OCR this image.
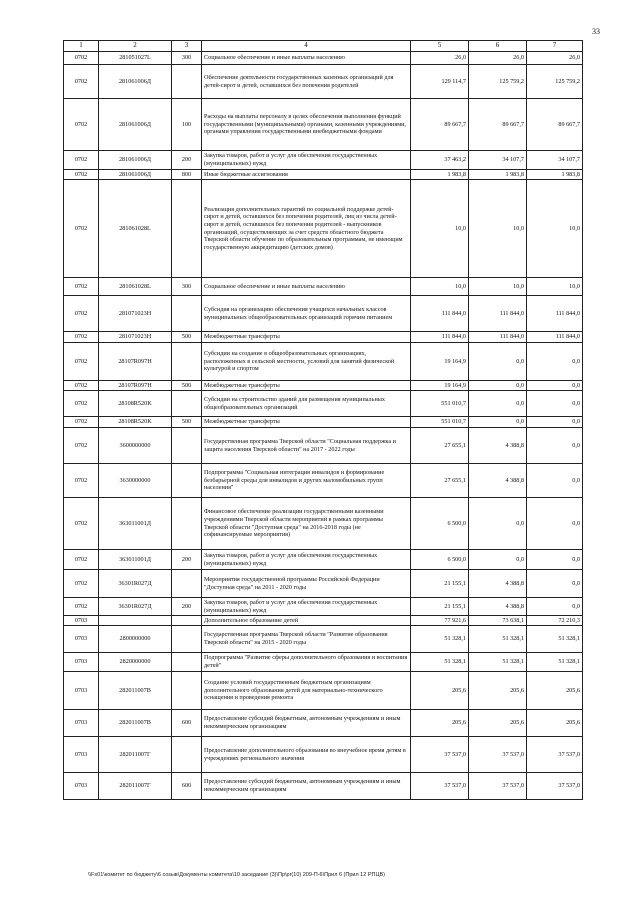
33
1	2	3	4	5	6	7
0702	281051027L	300	Социальное обеспечение и иные выплаты населению	26,0	26,0	26,0
0702	281061006Д		Обеспечение деятельности государственных казенных организаций для детей-сирот и детей, оставшихся без попечения родителей	129 114,7	125 759,2	125 759,2
0702	281061006Д	100	Расходы на выплаты персоналу в целях обеспечения выполнения функций государственными (муниципальными) органами, казенными учреждениями, органами управления государственными внебюджетными фондами	89 667,7	89 667,7	89 667,7
0702	281061006Д	200	Закупка товаров, работ и услуг для обеспечения государственных (муниципальных) нужд	37 463,2	34 107,7	34 107,7
0702	281061006Д	800	Иные бюджетные ассигнования	1 983,8	1 983,8	1 983,8
0702	281061028L		Реализация дополнительных гарантий по социальной поддержке детей-сирот и детей, оставшихся без попечения родителей, лиц из числа детей-сирот и детей, оставшихся без попечения родителей - выпускников организаций, осуществляющих за счет средств областного бюджета Тверской области обучение по образовательным программам, не имеющим государственную аккредитацию (детских домов)	10,0	10,0	10,0
0702	281061028L	300	Социальное обеспечение и иные выплаты населению	10,0	10,0	10,0
0702	281071023Н		Субсидия на организацию обеспечения учащихся начальных классов муниципальных общеобразовательных организаций горячим питанием	111 844,0	111 844,0	111 844,0
0702	281071023Н	500	Межбюджетные трансферты	111 844,0	111 844,0	111 844,0
0702	28107R097Н		Субсидии на создание в общеобразовательных организациях, расположенных в сельской местности, условий для занятий физической культурой и спортом	19 164,9	0,0	0,0
0702	28107R097Н	500	Межбюджетные трансферты	19 164,9	0,0	0,0
0702	28108R520K		Субсидии на строительство зданий для размещения муниципальных общеобразовательных организаций	551 010,7	0,0	0,0
0702	28108R520K	500	Межбюджетные трансферты	551 010,7	0,0	0,0
0702	3600000000		Государственная программа Тверской области "Социальная поддержка и защита населения Тверской области" на 2017 - 2022 годы	27 655,1	4 388,8	0,0
0702	3630000000		Подпрограмма "Социальная интеграция инвалидов и формирование безбарьерной среды для инвалидов и других маломобильных групп населения"	27 655,1	4 388,8	0,0
0702	363011001Д		Финансовое обеспечение реализации государственными казенными учреждениями Тверской области мероприятий в рамках программы Тверской области "Доступная среда" на 2016-2018 годы (не софинансируемые мероприятия)	6 500,0	0,0	0,0
0702	363011001Д	200	Закупка товаров, работ и услуг для обеспечения государственных (муниципальных) нужд	6 500,0	0,0	0,0
0702	36301R027Д		Мероприятия государственной программы Российской Федерации "Доступная среда" на 2011 - 2020 годы	21 155,1	4 388,8	0,0
0702	36301R027Д	200	Закупка товаров, работ и услуг для обеспечения государственных (муниципальных) нужд	21 155,1	4 388,8	0,0
0703			Дополнительное образование детей	77 921,6	73 638,1	72 210,3
0703	2800000000		Государственная программа Тверской области "Развитие образования Тверской области" на 2015 - 2020 годы	51 328,1	51 328,1	51 328,1
0703	2820000000		Подпрограмма "Развитие сферы дополнительного образования и воспитания детей"	51 328,1	51 328,1	51 328,1
0703	282011007В		Создание условий государственным бюджетным организациям дополнительного образования детей для материально-технического оснащения и проведения ремонта	205,6	205,6	205,6
0703	282011007В	600	Предоставление субсидий бюджетным, автономным учреждениям и иным некоммерческим организациям	205,6	205,6	205,6
0703	282011007Г		Предоставление дополнительного образования во внеучебное время детям в учреждениях регионального значения	37 537,0	37 537,0	37 537,0
0703	282011007Г	600	Предоставление субсидий бюджетным, автономным учреждениям и иным некоммерческим организациям	37 537,0	37 537,0	37 537,0
\\Fs01\комитет по бюджету\6 созыв\Документы комитета\10 заседание (3)\Пр\pr(10) 209-П-6\Прил 6 (Прил 12 РПЦВ)
